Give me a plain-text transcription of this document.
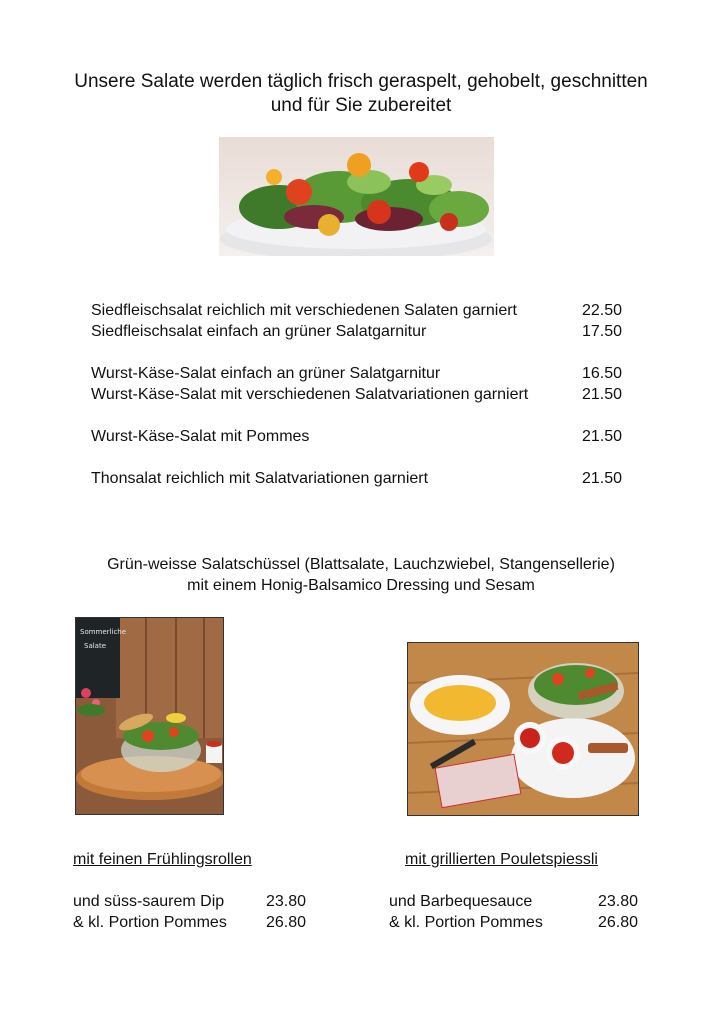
Unsere Salate werden täglich frisch geraspelt, gehobelt, geschnitten
und für Sie zubereitet
Siedfleischsalat reichlich mit verschiedenen Salaten garniert	22.50
Siedfleischsalat einfach an grüner Salatgarnitur	17.50
Wurst-Käse-Salat einfach an grüner Salatgarnitur	16.50
Wurst-Käse-Salat mit verschiedenen Salatvariationen garniert	21.50
Wurst-Käse-Salat mit Pommes	21.50
Thonsalat reichlich mit Salatvariationen garniert	21.50
Grün-weisse Salatschüssel (Blattsalate, Lauchzwiebel, Stangensellerie)
mit einem Honig-Balsamico Dressing und Sesam
Sommerliche
Salate
mit feinen Frühlingsrollen
und süss-saurem Dip	23.80
& kl. Portion Pommes	26.80
mit grillierten Pouletspiessli
und Barbequesauce	23.80
& kl. Portion Pommes	26.80
